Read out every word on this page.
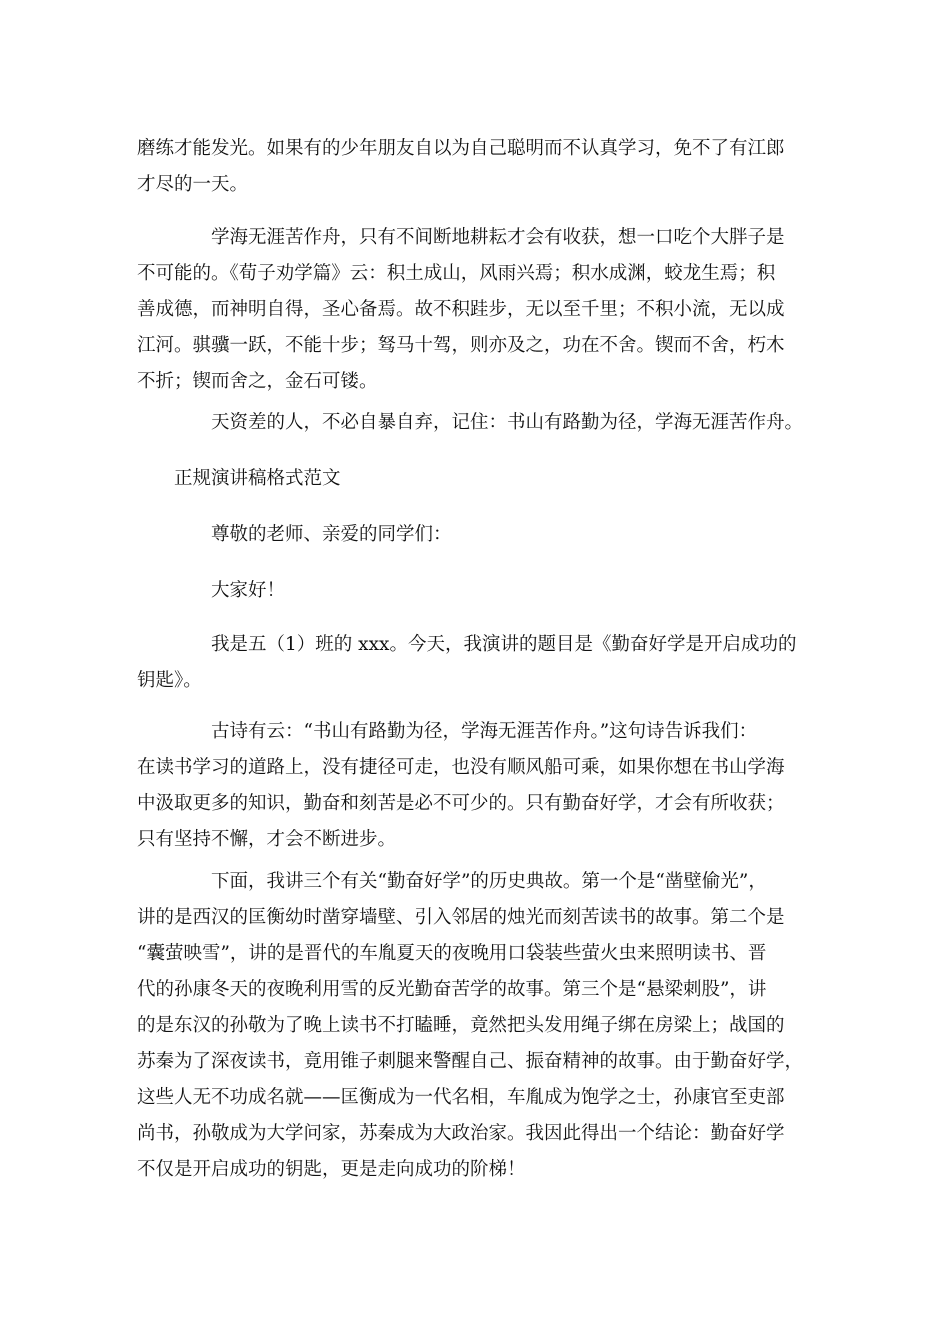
磨练才能发光。如果有的少年朋友自以为自己聪明而不认真学习，免不了有江郎
才尽的一天。
学海无涯苦作舟，只有不间断地耕耘才会有收获，想一口吃个大胖子是
不可能的。《荀子劝学篇》云：积土成山，风雨兴焉；积水成渊，蛟龙生焉；积
善成德，而神明自得，圣心备焉。故不积跬步，无以至千里；不积小流，无以成
江河。骐骥一跃，不能十步；驽马十驾，则亦及之，功在不舍。锲而不舍，朽木
不折；锲而舍之，金石可镂。
天资差的人，不必自暴自弃，记住：书山有路勤为径，学海无涯苦作舟。
正规演讲稿格式范文
尊敬的老师、亲爱的同学们：
大家好！
我是五（1）班的 xxx。今天，我演讲的题目是《勤奋好学是开启成功的
钥匙》。
古诗有云：“书山有路勤为径，学海无涯苦作舟。”这句诗告诉我们：
在读书学习的道路上，没有捷径可走，也没有顺风船可乘，如果你想在书山学海
中汲取更多的知识，勤奋和刻苦是必不可少的。只有勤奋好学，才会有所收获；
只有坚持不懈，才会不断进步。
下面，我讲三个有关“勤奋好学”的历史典故。第一个是“凿壁偷光”，
讲的是西汉的匡衡幼时凿穿墙壁、引入邻居的烛光而刻苦读书的故事。第二个是
“囊萤映雪”，讲的是晋代的车胤夏天的夜晚用口袋装些萤火虫来照明读书、晋
代的孙康冬天的夜晚利用雪的反光勤奋苦学的故事。第三个是“悬梁刺股”，讲
的是东汉的孙敬为了晚上读书不打瞌睡，竟然把头发用绳子绑在房梁上；战国的
苏秦为了深夜读书，竟用锥子刺腿来警醒自己、振奋精神的故事。由于勤奋好学，
这些人无不功成名就——匡衡成为一代名相，车胤成为饱学之士，孙康官至吏部
尚书，孙敬成为大学问家，苏秦成为大政治家。我因此得出一个结论：勤奋好学
不仅是开启成功的钥匙，更是走向成功的阶梯！
